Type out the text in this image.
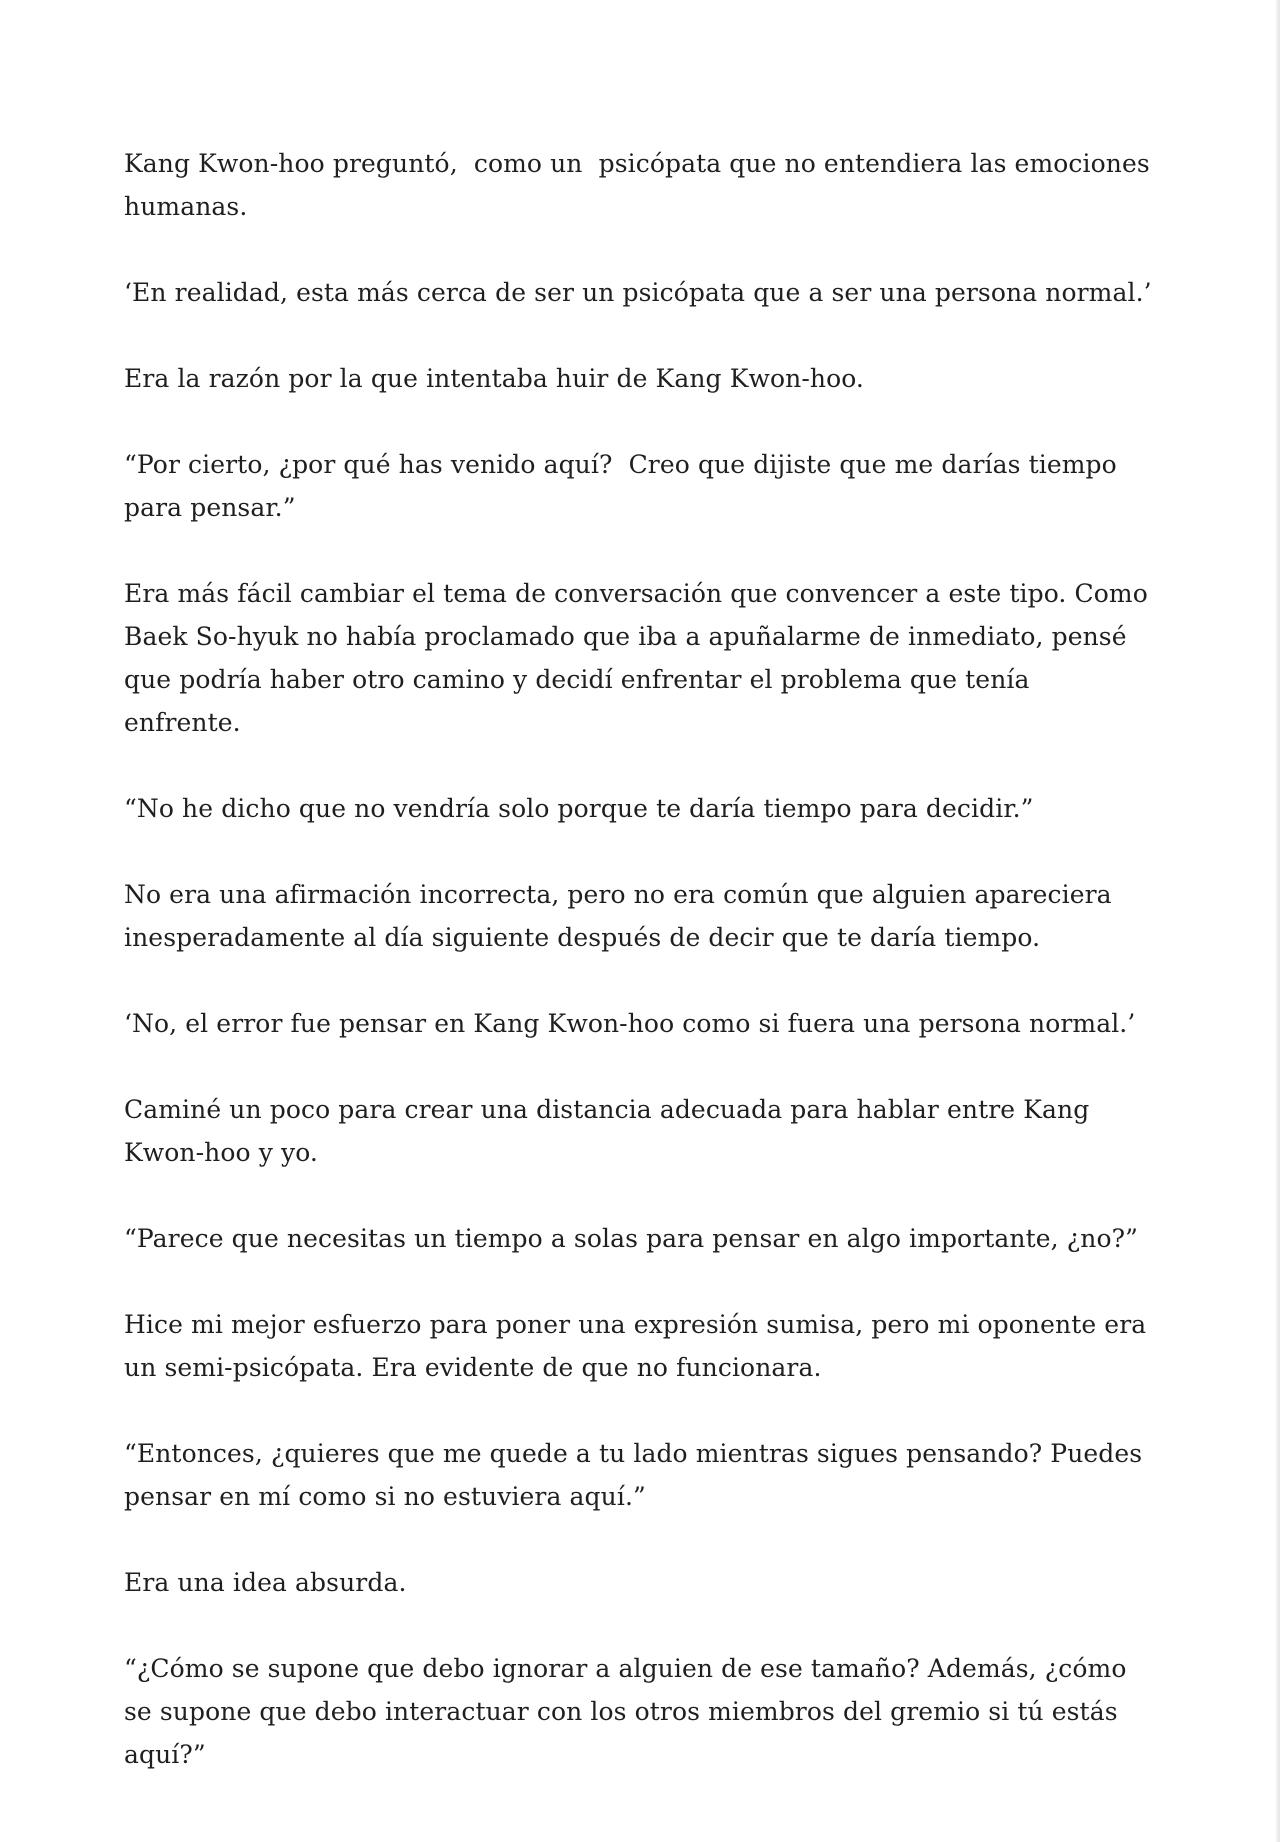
Kang Kwon-hoo preguntó,  como un  psicópata que no entendiera las emociones humanas.

‘En realidad, esta más cerca de ser un psicópata que a ser una persona normal.’

Era la razón por la que intentaba huir de Kang Kwon-hoo.

“Por cierto, ¿por qué has venido aquí?  Creo que dijiste que me darías tiempo para pensar.”

Era más fácil cambiar el tema de conversación que convencer a este tipo. Como Baek So-hyuk no había proclamado que iba a apuñalarme de inmediato, pensé que podría haber otro camino y decidí enfrentar el problema que tenía enfrente.

“No he dicho que no vendría solo porque te daría tiempo para decidir.”

No era una afirmación incorrecta, pero no era común que alguien apareciera inesperadamente al día siguiente después de decir que te daría tiempo.

‘No, el error fue pensar en Kang Kwon-hoo como si fuera una persona normal.’

Caminé un poco para crear una distancia adecuada para hablar entre Kang Kwon-hoo y yo.

“Parece que necesitas un tiempo a solas para pensar en algo importante, ¿no?”

Hice mi mejor esfuerzo para poner una expresión sumisa, pero mi oponente era un semi-psicópata. Era evidente de que no funcionara.

“Entonces, ¿quieres que me quede a tu lado mientras sigues pensando? Puedes pensar en mí como si no estuviera aquí.”

Era una idea absurda.

“¿Cómo se supone que debo ignorar a alguien de ese tamaño? Además, ¿cómo se supone que debo interactuar con los otros miembros del gremio si tú estás aquí?”
